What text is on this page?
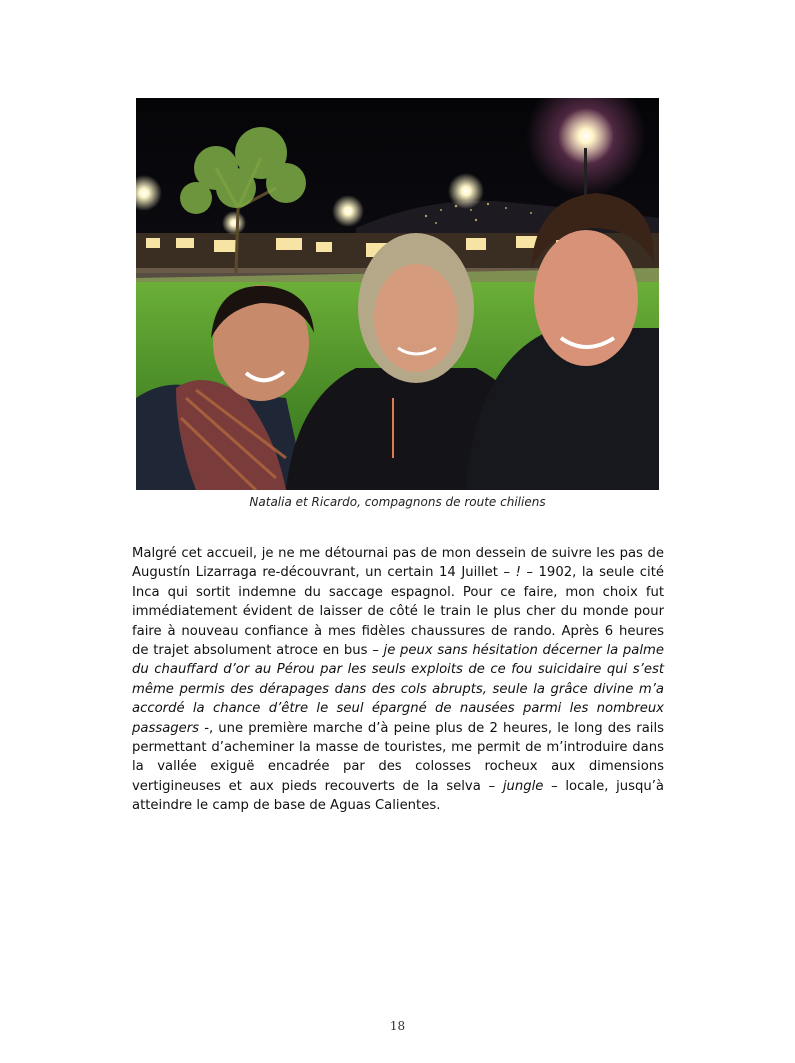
Natalia et Ricardo, compagnons de route chiliens

Malgré cet accueil, je ne me détournai pas de mon dessein de suivre les pas de Augustín Lizarraga re-découvrant, un certain 14 Juillet – ! – 1902, la seule cité Inca qui sortit indemne du saccage espagnol. Pour ce faire, mon choix fut immédiatement évident de laisser de côté le train le plus cher du monde pour faire à nouveau confiance à mes fidèles chaussures de rando. Après 6 heures de trajet absolument atroce en bus – je peux sans hésitation décerner la palme du chauffard d’or au Pérou par les seuls exploits de ce fou suicidaire qui s’est même permis des dérapages dans des cols abrupts, seule la grâce divine m’a accordé la chance d’être le seul épargné de nausées parmi les nombreux passagers -, une première marche d’à peine plus de 2 heures, le long des rails permettant d’acheminer la masse de touristes, me permit de m’introduire dans la vallée exiguë encadrée par des colosses rocheux aux dimensions vertigineuses et aux pieds recouverts de la selva – jungle – locale, jusqu’à atteindre le camp de base de Aguas Calientes.

18
